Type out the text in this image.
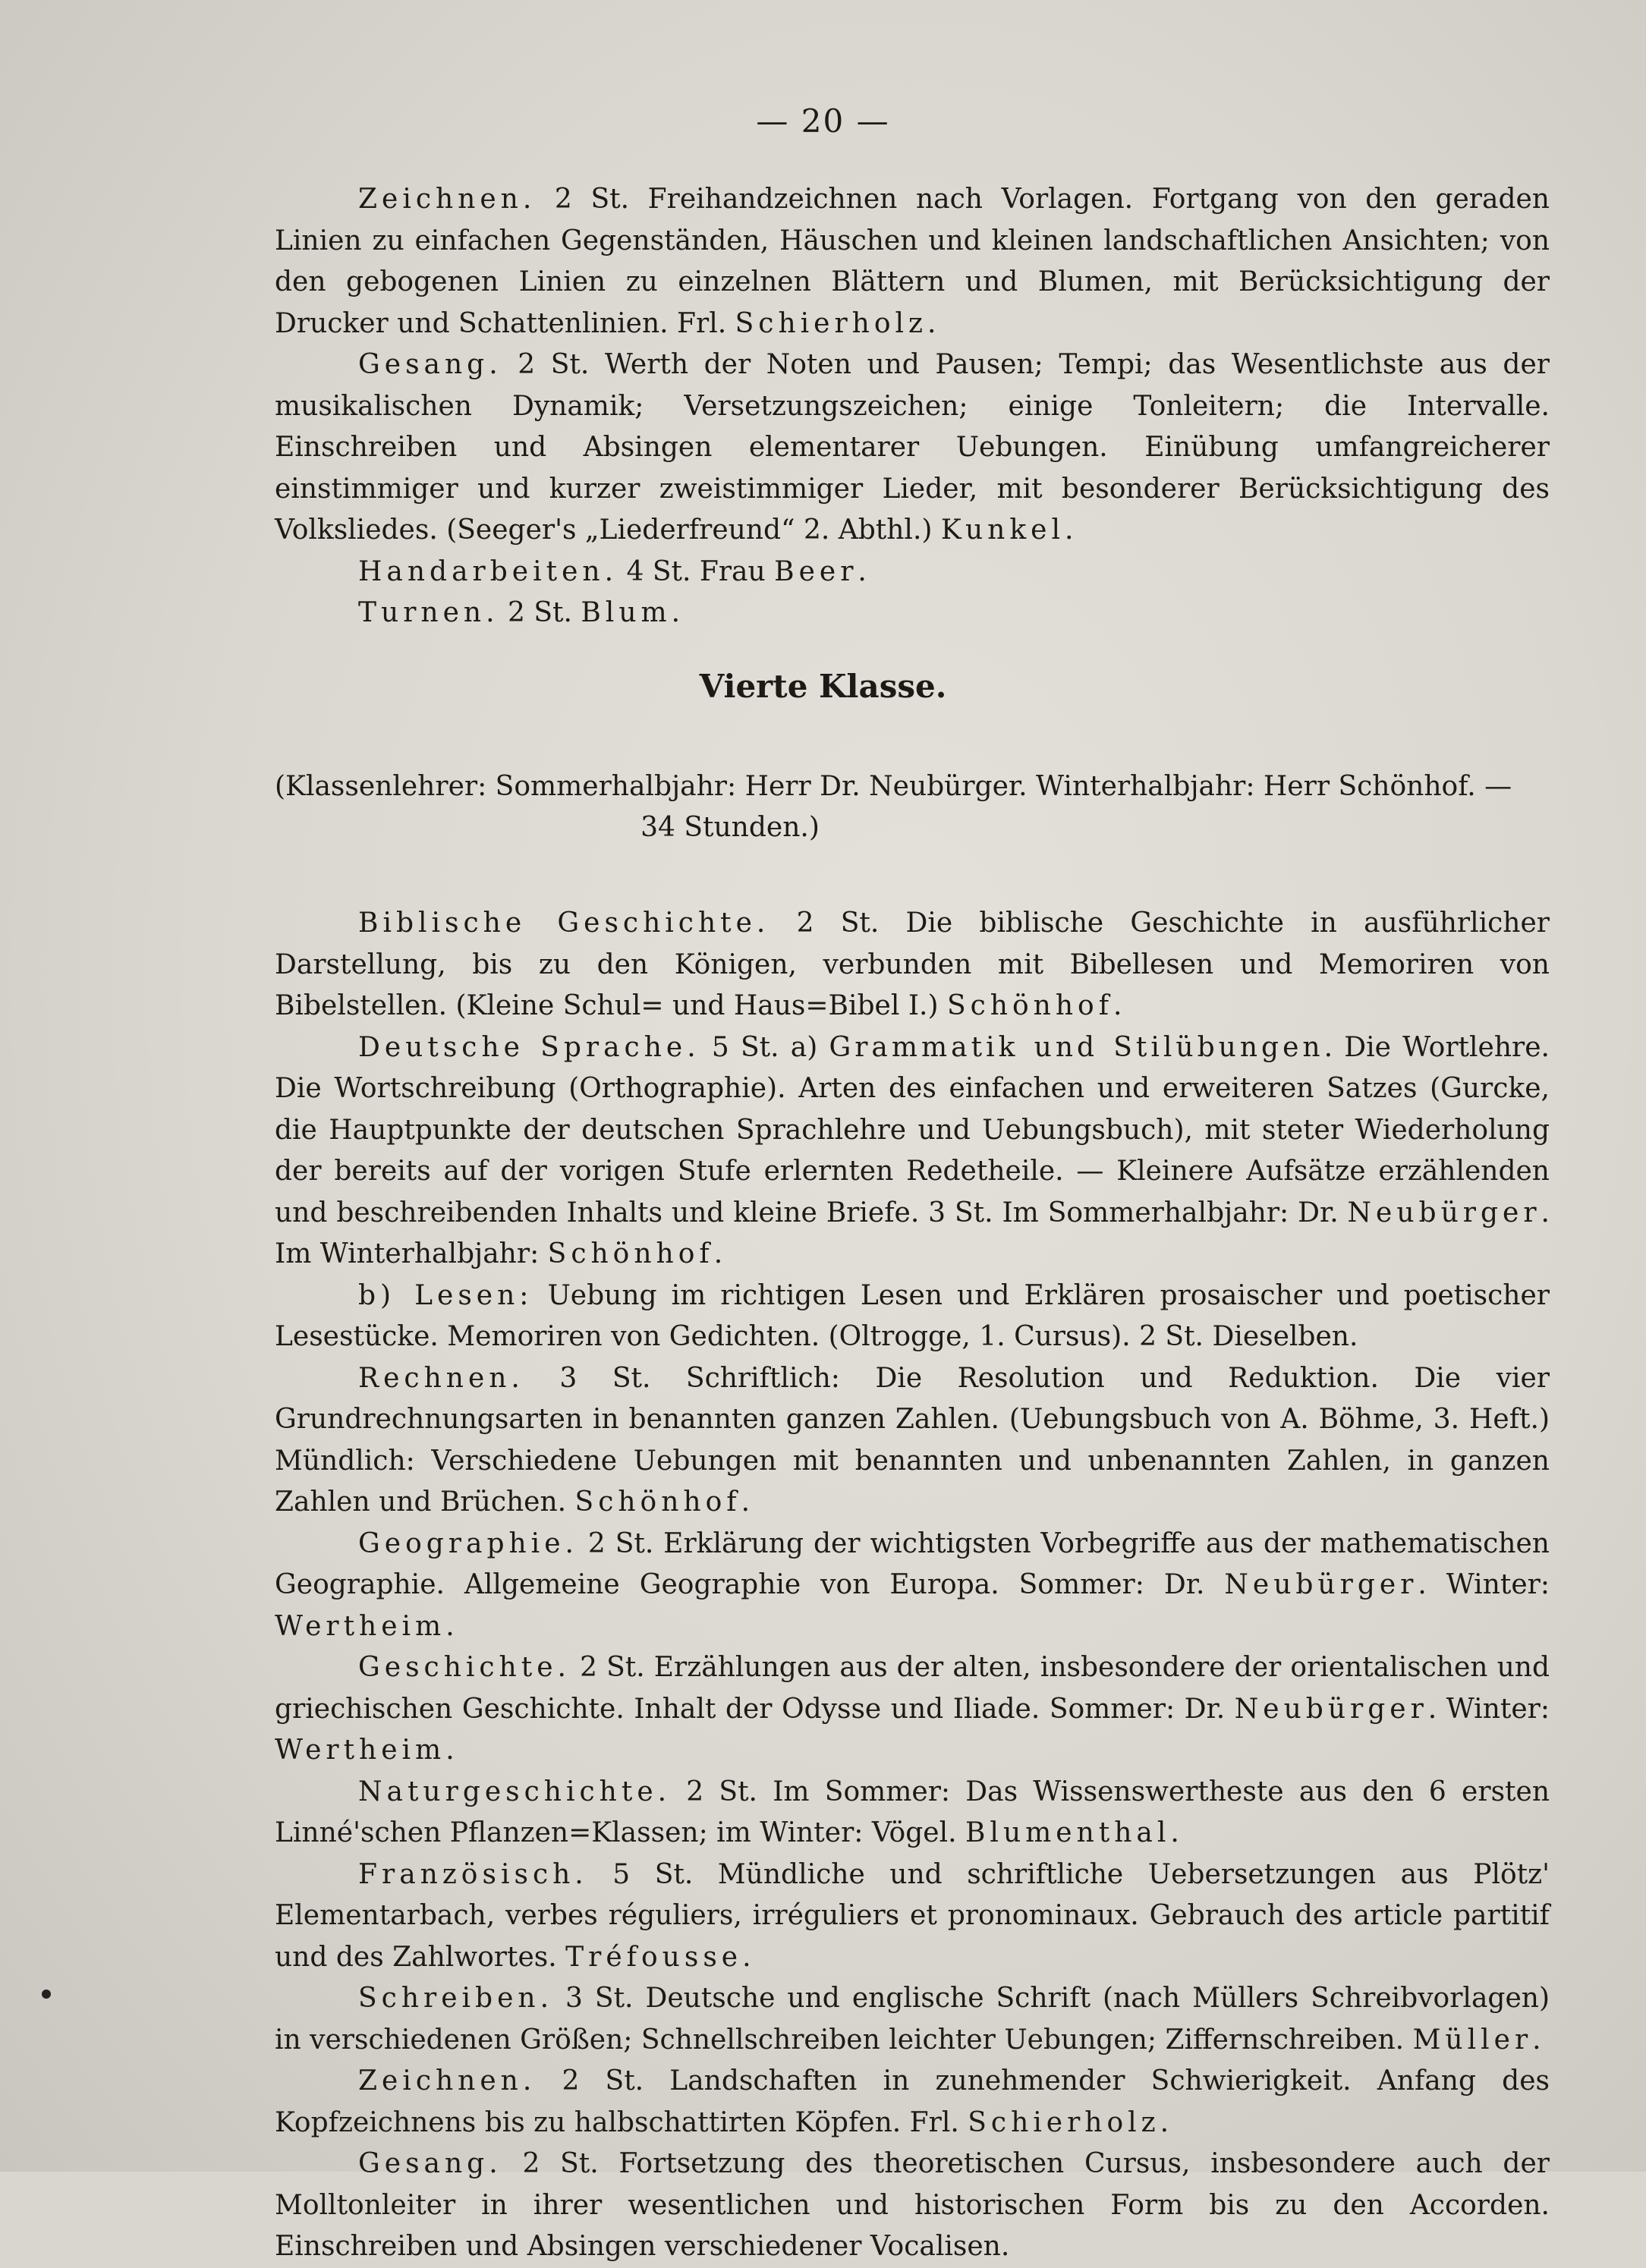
— 20 —

Zeichnen. 2 St. Freihandzeichnen nach Vorlagen. Fortgang von den geraden Linien zu einfachen Gegenständen, Häuschen und kleinen landschaftlichen Ansichten; von den gebogenen Linien zu einzelnen Blättern und Blumen, mit Berücksichtigung der Drucker und Schattenlinien. Frl. Schierholz.

Gesang. 2 St. Werth der Noten und Pausen; Tempi; das Wesentlichste aus der musikalischen Dynamik; Versetzungszeichen; einige Tonleitern; die Intervalle. Einschreiben und Absingen elementarer Uebungen. Einübung umfangreicherer einstimmiger und kurzer zweistimmiger Lieder, mit besonderer Berücksichtigung des Volksliedes. (Seeger's „Liederfreund“ 2. Abthl.) Kunkel.

Handarbeiten. 4 St. Frau Beer.

Turnen. 2 St. Blum.

Vierte Klasse.
(Klassenlehrer: Sommerhalbjahr: Herr Dr. Neubürger. Winterhalbjahr: Herr Schönhof. —
34 Stunden.)

Biblische Geschichte. 2 St. Die biblische Geschichte in ausführlicher Darstellung, bis zu den Königen, verbunden mit Bibellesen und Memoriren von Bibelstellen. (Kleine Schul= und Haus=Bibel I.) Schönhof.

Deutsche Sprache. 5 St. a) Grammatik und Stilübungen. Die Wortlehre. Die Wortschreibung (Orthographie). Arten des einfachen und erweiteren Satzes (Gurcke, die Hauptpunkte der deutschen Sprachlehre und Uebungsbuch), mit steter Wiederholung der bereits auf der vorigen Stufe erlernten Redetheile. — Kleinere Aufsätze erzählenden und beschreibenden Inhalts und kleine Briefe. 3 St. Im Sommerhalbjahr: Dr. Neubürger. Im Winterhalbjahr: Schönhof.

b) Lesen: Uebung im richtigen Lesen und Erklären prosaischer und poetischer Lesestücke. Memoriren von Gedichten. (Oltrogge, 1. Cursus). 2 St. Dieselben.

Rechnen. 3 St. Schriftlich: Die Resolution und Reduktion. Die vier Grundrechnungsarten in benannten ganzen Zahlen. (Uebungsbuch von A. Böhme, 3. Heft.) Mündlich: Verschiedene Uebungen mit benannten und unbenannten Zahlen, in ganzen Zahlen und Brüchen. Schönhof.

Geographie. 2 St. Erklärung der wichtigsten Vorbegriffe aus der mathematischen Geographie. Allgemeine Geographie von Europa. Sommer: Dr. Neubürger. Winter: Wertheim.

Geschichte. 2 St. Erzählungen aus der alten, insbesondere der orientalischen und griechischen Geschichte. Inhalt der Odysse und Iliade. Sommer: Dr. Neubürger. Winter: Wertheim.

Naturgeschichte. 2 St. Im Sommer: Das Wissenswertheste aus den 6 ersten Linné'schen Pflanzen=Klassen; im Winter: Vögel. Blumenthal.

Französisch. 5 St. Mündliche und schriftliche Uebersetzungen aus Plötz' Elementarbach, verbes réguliers, irréguliers et pronominaux. Gebrauch des article partitif und des Zahlwortes. Tréfousse.

Schreiben. 3 St. Deutsche und englische Schrift (nach Müllers Schreibvorlagen) in verschiedenen Größen; Schnellschreiben leichter Uebungen; Ziffernschreiben. Müller.

Zeichnen. 2 St. Landschaften in zunehmender Schwierigkeit. Anfang des Kopfzeichnens bis zu halbschattirten Köpfen. Frl. Schierholz.

Gesang. 2 St. Fortsetzung des theoretischen Cursus, insbesondere auch der Molltonleiter in ihrer wesentlichen und historischen Form bis zu den Accorden. Einschreiben und Absingen verschiedener Vocalisen.
